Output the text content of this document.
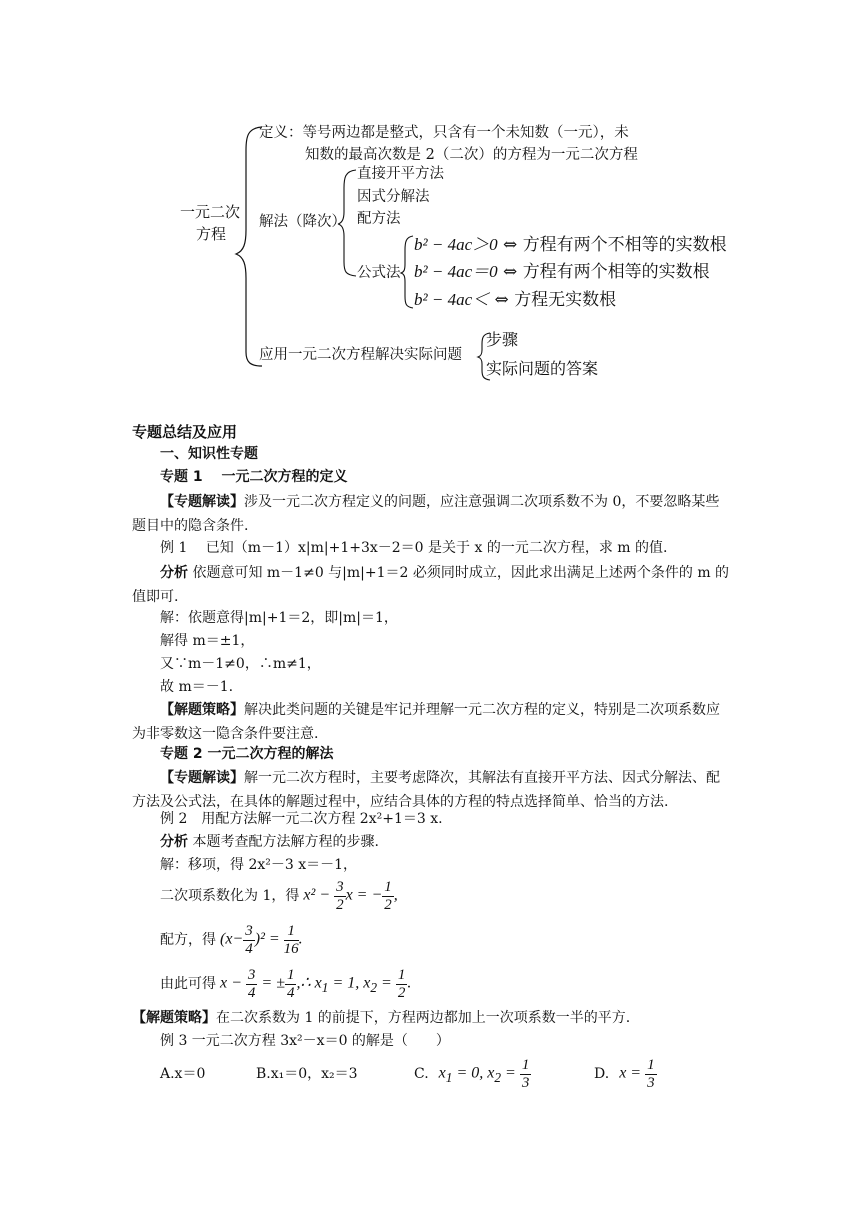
一元二次
方程
定义：等号两边都是整式，只含有一个未知数（一元），未
知数的最高次数是 2（二次）的方程为一元二次方程
解法（降次）
直接开平方法
因式分解法
配方法
公式法
b² − 4ac＞0 ⇔ 方程有两个不相等的实数根
b² − 4ac＝0 ⇔ 方程有两个相等的实数根
b² − 4ac＜ ⇔ 方程无实数根
应用一元二次方程解决实际问题
步骤
实际问题的答案
专题总结及应用
一、知识性专题
专题 1　 一元二次方程的定义
【专题解读】涉及一元二次方程定义的问题，应注意强调二次项系数不为 0，不要忽略某些题目中的隐含条件.
例 1　 已知（m－1）x|m|+1+3x－2＝0 是关于 x 的一元二次方程，求 m 的值.
分析 依题意可知 m－1≠0 与|m|+1＝2 必须同时成立，因此求出满足上述两个条件的 m 的值即可.
解：依题意得|m|+1＝2，即|m|＝1，
解得 m＝±1，
又∵m－1≠0，∴m≠1，
故 m＝－1.
【解题策略】解决此类问题的关键是牢记并理解一元二次方程的定义，特别是二次项系数应为非零数这一隐含条件要注意.
专题 2 一元二次方程的解法
【专题解读】解一元二次方程时，主要考虑降次，其解法有直接开平方法、因式分解法、配方法及公式法，在具体的解题过程中，应结合具体的方程的特点选择简单、恰当的方法.
例 2　用配方法解一元二次方程 2x²+1＝3 x.
分析 本题考查配方法解方程的步骤.
解：移项，得 2x²－3 x＝－1，
二次项系数化为 1，得 $x^2 - \frac{3}{2}$ x = − $\frac{1}{2}$ ,
配方，得 $(x- \frac{3}{4} )^2 = \frac{1}{16}$ .
由此可得 $x - \frac{3}{4}$ = ± $\frac{1}{4}$ ,∴ $x_1 = 1$, $x_2 = \frac{1}{2}$ .
【解题策略】在二次系数为 1 的前提下，方程两边都加上一次项系数一半的平方.
例 3 一元二次方程 3x²－x＝0 的解是（　　）
A.x＝0	B.x₁＝0，x₂＝3	C. $x_1 = 0$, $x_2 = \frac{1}{3}$	D. $x = \frac{1}{3}$
